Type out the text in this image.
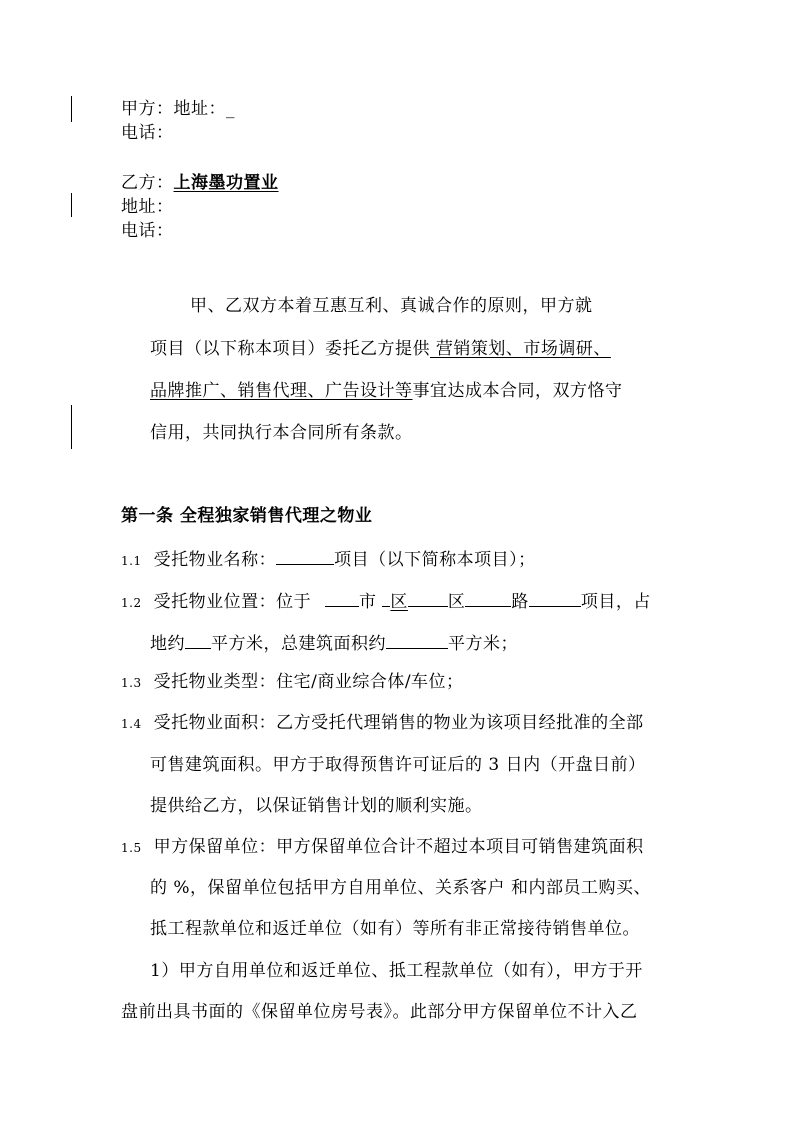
甲方：地址：_
电话：
乙方：上海墨功置业
地址：
电话：
甲、乙双方本着互惠互利、真诚合作的原则，甲方就
项目（以下称本项目）委托乙方提供 营销策划、市场调研、
品牌推广、销售代理、广告设计等事宜达成本合同，双方恪守
信用，共同执行本合同所有条款。
第一条 全程独家销售代理之物业
1.1 受托物业名称：	项目（以下简称本项目）；
1.2 受托物业位置：位于	市 区 区	路	项目，占
地约 平方米，总建筑面积约	平方米；
1.3 受托物业类型：住宅/商业综合体/车位；
1.4 受托物业面积：乙方受托代理销售的物业为该项目经批准的全部
可售建筑面积。甲方于取得预售许可证后的 3 日内（开盘日前）
提供给乙方，以保证销售计划的顺利实施。
1.5 甲方保留单位：甲方保留单位合计不超过本项目可销售建筑面积
的 %，保留单位包括甲方自用单位、关系客户 和内部员工购买、
抵工程款单位和返迁单位（如有）等所有非正常接待销售单位。
1）甲方自用单位和返迁单位、抵工程款单位（如有），甲方于开
盘前出具书面的《保留单位房号表》。此部分甲方保留单位不计入乙
